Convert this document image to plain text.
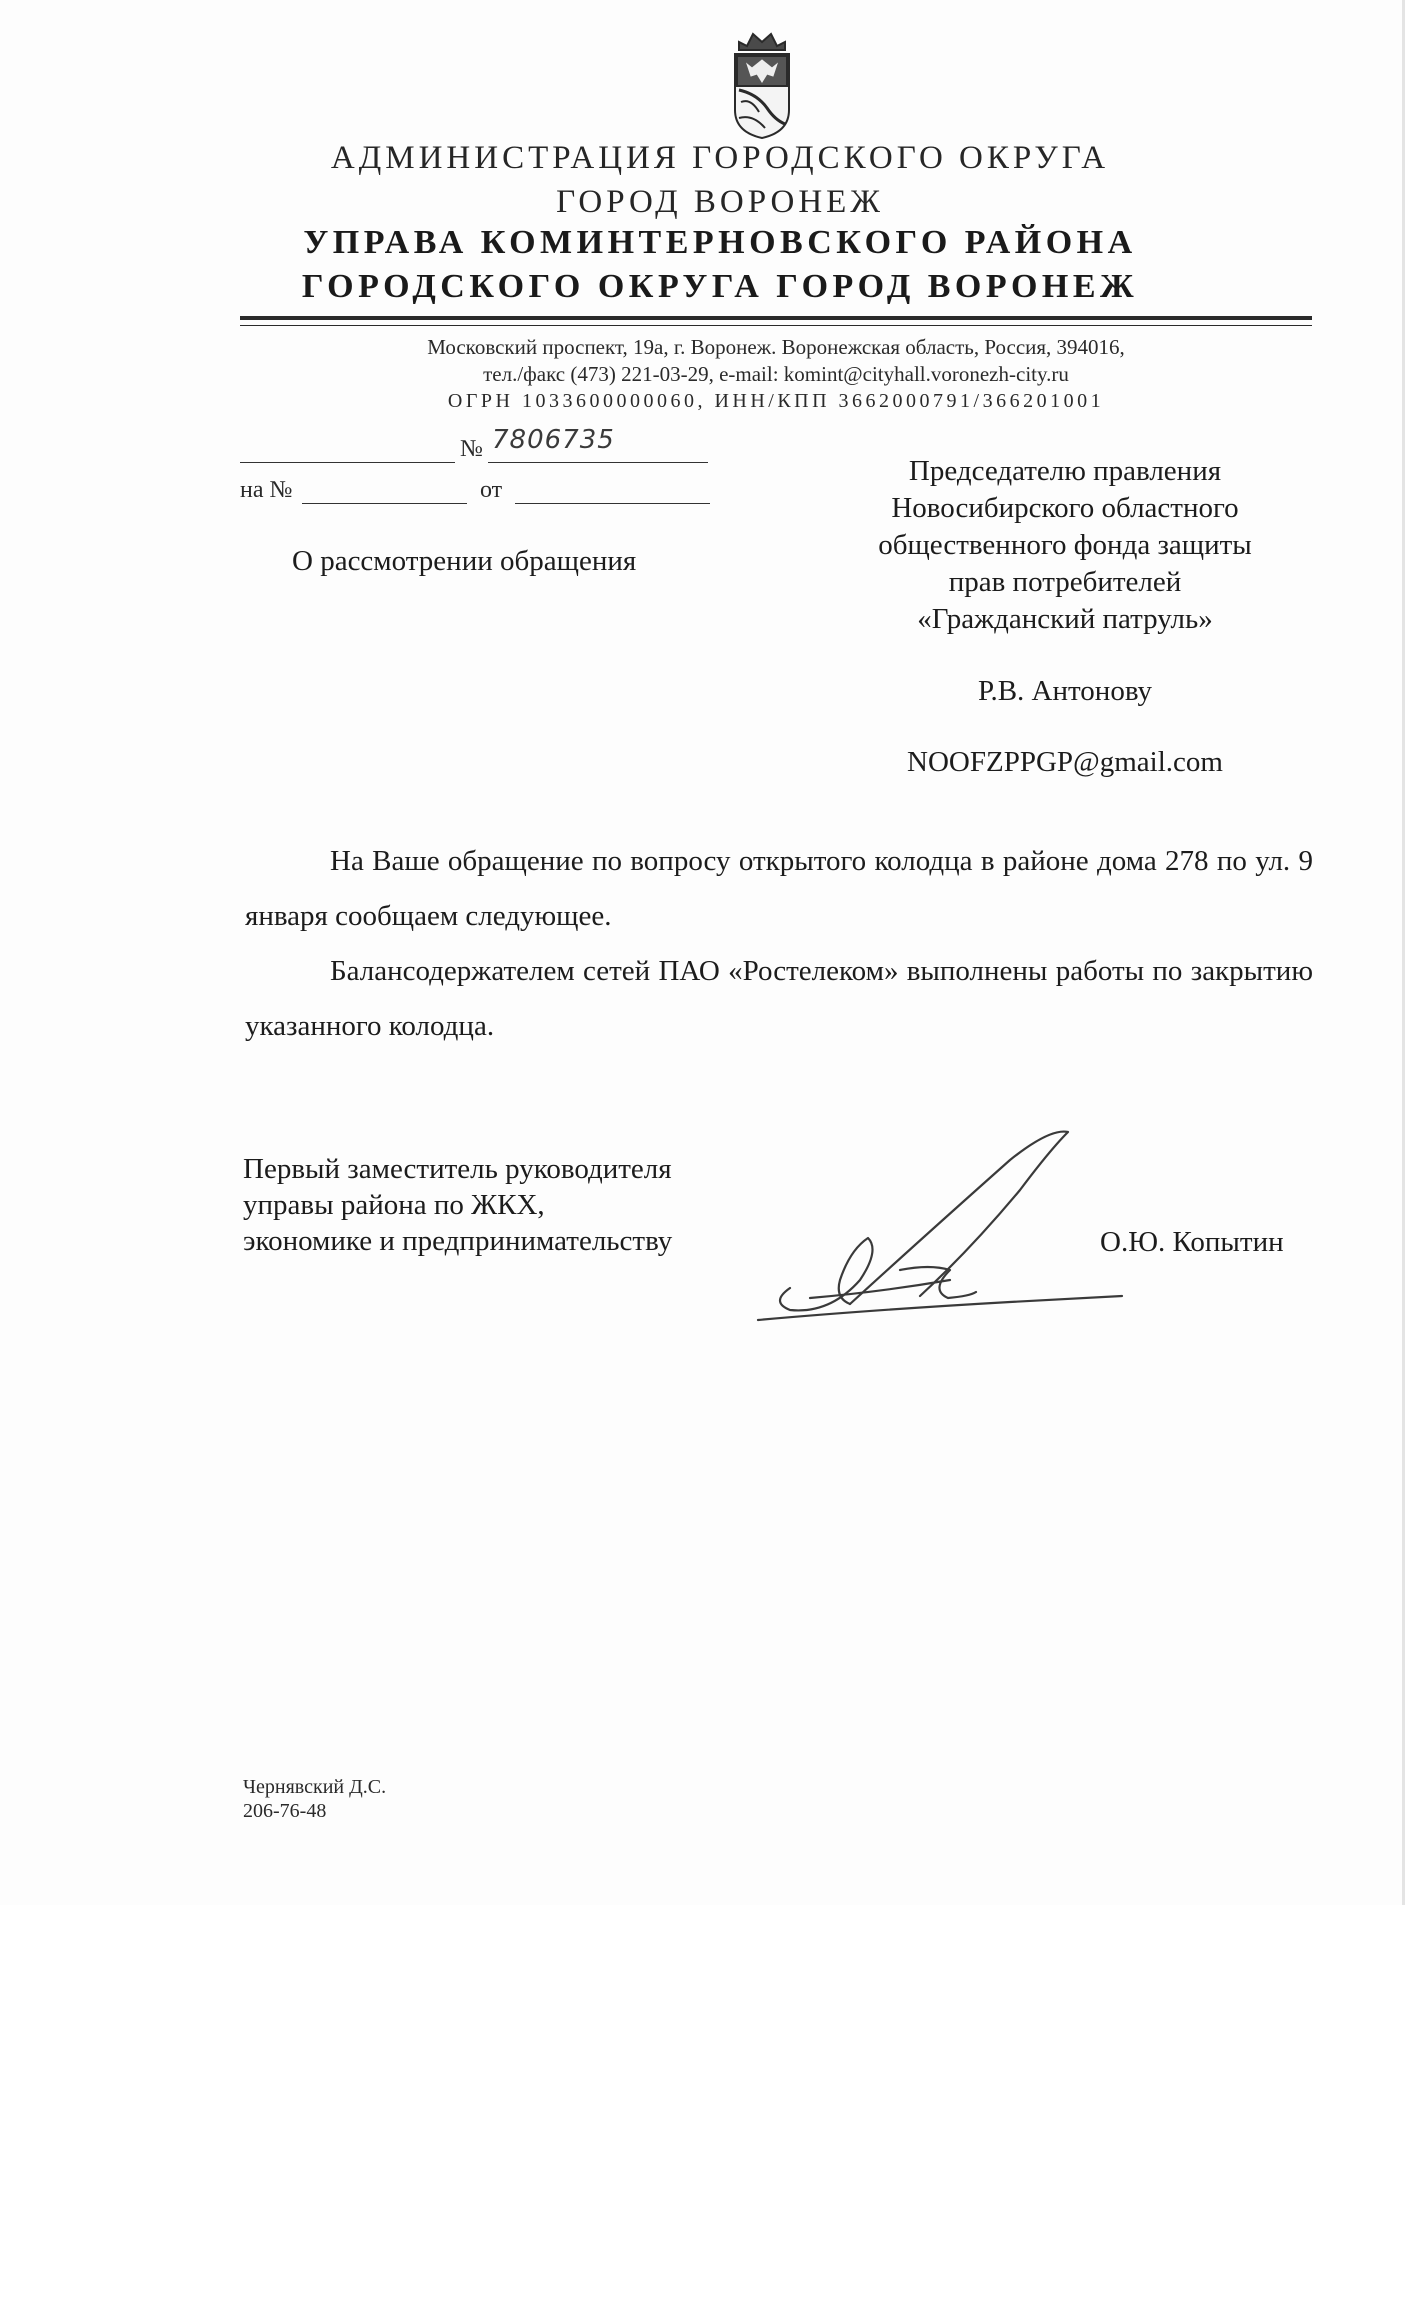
АДМИНИСТРАЦИЯ ГОРОДСКОГО ОКРУГА
ГОРОД ВОРОНЕЖ
УПРАВА КОМИНТЕРНОВСКОГО РАЙОНА
ГОРОДСКОГО ОКРУГА ГОРОД ВОРОНЕЖ
Московский проспект, 19а, г. Воронеж. Воронежская область, Россия, 394016,
тел./факс (473) 221-03-29, e-mail: komint@cityhall.voronezh-city.ru
ОГРН 1033600000060, ИНН/КПП 3662000791/366201001
№ 7806735
на №	от
О рассмотрении обращения
Председателю правления
Новосибирского областного
общественного фонда защиты
прав потребителей
«Гражданский патруль»
Р.В. Антонову
NOOFZPPGP@gmail.com
На Ваше обращение по вопросу открытого колодца в районе дома 278 по ул. 9 января сообщаем следующее.
Балансодержателем сетей ПАО «Ростелеком» выполнены работы по закрытию указанного колодца.
Первый заместитель руководителя
управы района по ЖКХ,
экономике и предпринимательству	О.Ю. Копытин
Чернявский Д.С.
206-76-48
